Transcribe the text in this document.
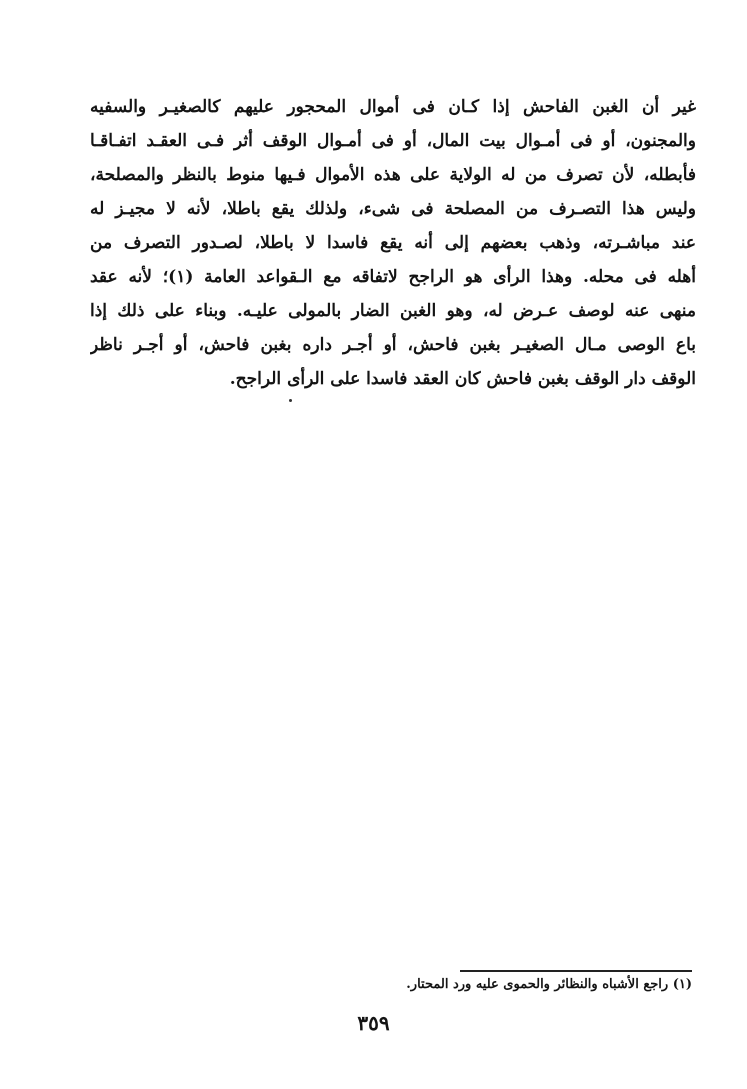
غير أن الغبن الفاحش إذا كـان فى أموال المحجور عليهم كالصغيـر والسفيه
والمجنون، أو فى أمـوال بيت المال، أو فى أمـوال الوقف أثر فـى العقـد اتفـاقـا
فأبطله، لأن تصرف من له الولاية على هذه الأموال فـيها منوط بالنظر والمصلحة،
وليس هذا التصـرف من المصلحة فى شىء، ولذلك يقع باطلا، لأنه لا مجيـز له
عند مباشـرته، وذهب بعضهم إلى أنه يقع فاسدا لا باطلا، لصـدور التصرف من
أهله فى محله. وهذا الرأى هو الراجح لاتفاقه مع الـقواعد العامة (١)؛ لأنه عقد
منهى عنه لوصف عـرض له، وهو الغبن الضار بالمولى عليـه. وبناء على ذلك إذا
باع الوصى مـال الصغيـر بغبن فاحش، أو أجـر داره بغبن فاحش، أو أجـر ناظر
الوقف دار الوقف بغبن فاحش كان العقد فاسدا على الرأى الراجح.
(١) راجع الأشباه والنظائر والحموى عليه ورد المحتار.
٣٥٩
